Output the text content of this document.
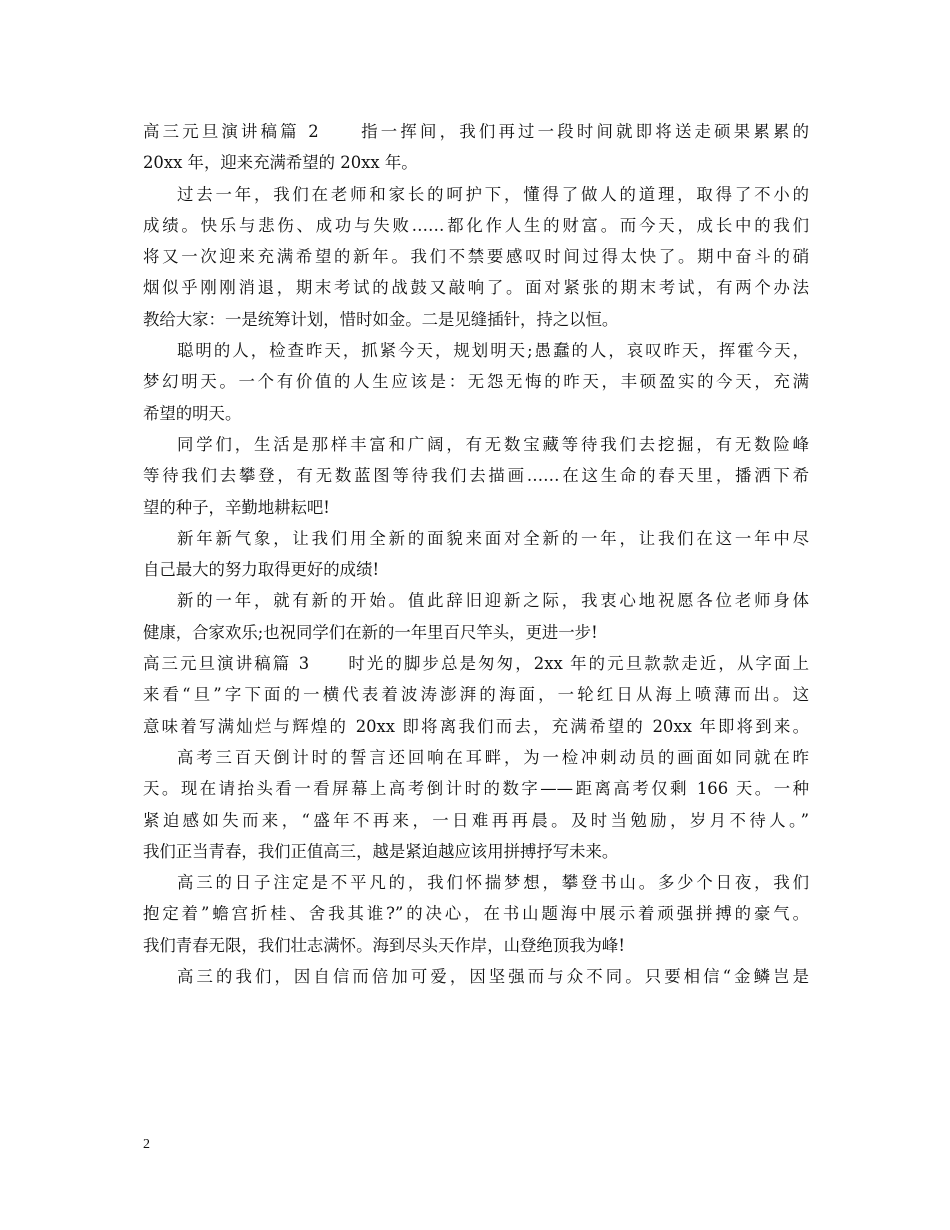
高三元旦演讲稿篇 2　　指一挥间，我们再过一段时间就即将送走硕果累累的
20xx 年，迎来充满希望的 20xx 年。
过去一年，我们在老师和家长的呵护下，懂得了做人的道理，取得了不小的
成绩。快乐与悲伤、成功与失败……都化作人生的财富。而今天，成长中的我们
将又一次迎来充满希望的新年。我们不禁要感叹时间过得太快了。期中奋斗的硝
烟似乎刚刚消退，期末考试的战鼓又敲响了。面对紧张的期末考试，有两个办法
教给大家：一是统筹计划，惜时如金。二是见缝插针，持之以恒。
聪明的人，检查昨天，抓紧今天，规划明天;愚蠢的人，哀叹昨天，挥霍今天，
梦幻明天。一个有价值的人生应该是：无怨无悔的昨天，丰硕盈实的今天，充满
希望的明天。
同学们，生活是那样丰富和广阔，有无数宝藏等待我们去挖掘，有无数险峰
等待我们去攀登，有无数蓝图等待我们去描画……在这生命的春天里，播洒下希
望的种子，辛勤地耕耘吧!
新年新气象，让我们用全新的面貌来面对全新的一年，让我们在这一年中尽
自己最大的努力取得更好的成绩!
新的一年，就有新的开始。值此辞旧迎新之际，我衷心地祝愿各位老师身体
健康，合家欢乐;也祝同学们在新的一年里百尺竿头，更进一步!
高三元旦演讲稿篇 3　　时光的脚步总是匆匆，2xx 年的元旦款款走近，从字面上
来看“旦”字下面的一横代表着波涛澎湃的海面，一轮红日从海上喷薄而出。这
意味着写满灿烂与辉煌的 20xx 即将离我们而去，充满希望的 20xx 年即将到来。
高考三百天倒计时的誓言还回响在耳畔，为一检冲刺动员的画面如同就在昨
天。现在请抬头看一看屏幕上高考倒计时的数字——距离高考仅剩 166 天。一种
紧迫感如失而来，“盛年不再来，一日难再再晨。及时当勉励，岁月不待人。”
我们正当青春，我们正值高三，越是紧迫越应该用拼搏抒写未来。
高三的日子注定是不平凡的，我们怀揣梦想，攀登书山。多少个日夜，我们
抱定着”蟾宫折桂、舍我其谁?”的决心，在书山题海中展示着顽强拼搏的豪气。
我们青春无限，我们壮志满怀。海到尽头天作岸，山登绝顶我为峰!
高三的我们，因自信而倍加可爱，因坚强而与众不同。只要相信“金鳞岂是
2
